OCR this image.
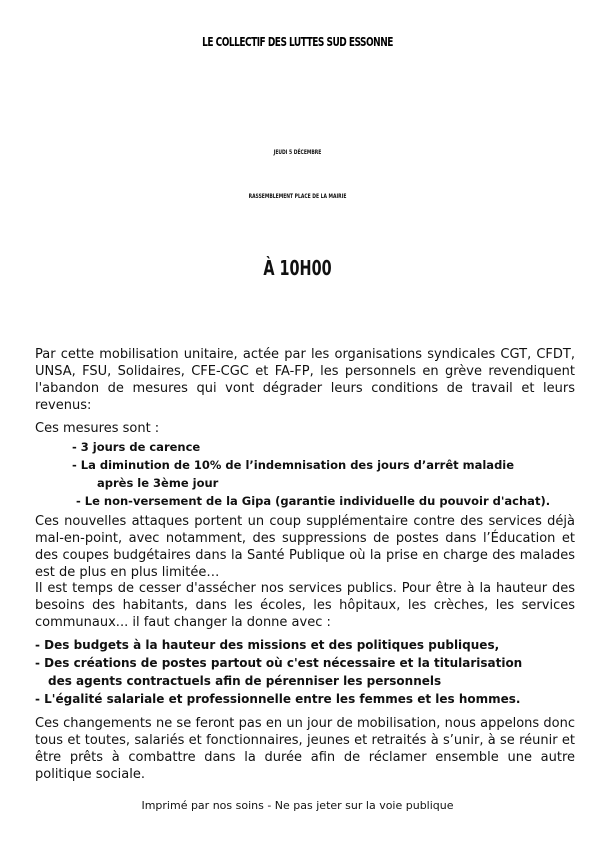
LE COLLECTIF DES LUTTES SUD ESSONNE
JEUDI 5 DÉCEMBRE
RASSEMBLEMENT PLACE DE LA MAIRIE
À 10H00
Par cette mobilisation unitaire, actée par les organisations syndicales CGT, CFDT, UNSA, FSU, Solidaires, CFE-CGC et FA-FP, les personnels en grève revendiquent l'abandon de mesures qui vont dégrader leurs conditions de travail et leurs revenus:
Ces mesures sont :
- 3 jours de carence
- La diminution de 10% de l’indemnisation des jours d’arrêt maladie
après le 3ème jour
- Le non-versement de la Gipa (garantie individuelle du pouvoir d'achat).
Ces nouvelles attaques portent un coup supplémentaire contre des services déjà mal-en-point, avec notamment, des suppressions de postes dans l’Éducation et des coupes budgétaires dans la Santé Publique où la prise en charge des malades est de plus en plus limitée…
Il est temps de cesser d'assécher nos services publics. Pour être à la hauteur des besoins des habitants, dans les écoles, les hôpitaux, les crèches, les services communaux... il faut changer la donne avec :
- Des budgets à la hauteur des missions et des politiques publiques,
- Des créations de postes partout où c'est nécessaire et la titularisation
des agents contractuels afin de pérenniser les personnels
- L'égalité salariale et professionnelle entre les femmes et les hommes.
Ces changements ne se feront pas en un jour de mobilisation, nous appelons donc tous et toutes, salariés et fonctionnaires, jeunes et retraités à s’unir, à se réunir et être prêts à combattre dans la durée afin de réclamer ensemble une autre politique sociale.
Imprimé par nos soins - Ne pas jeter sur la voie publique
